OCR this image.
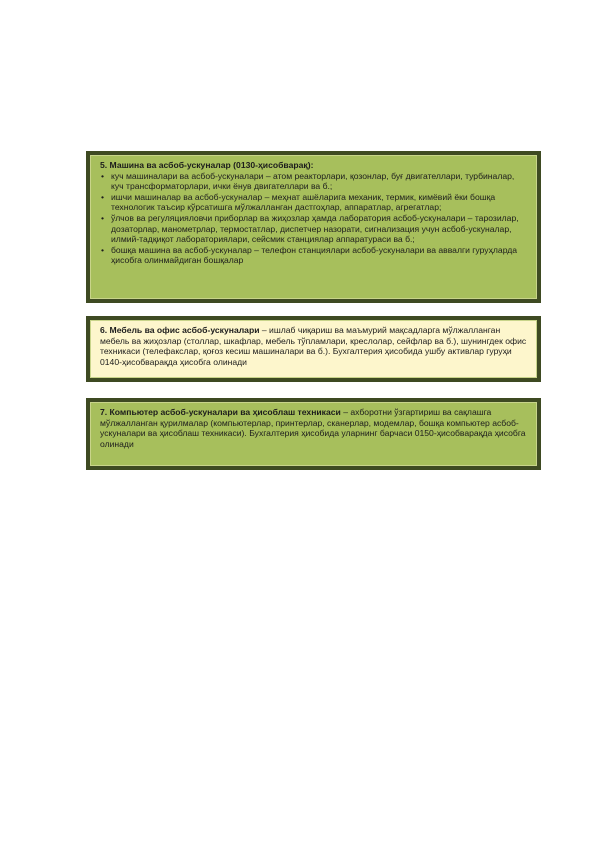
5. Машина ва асбоб-ускуналар (0130-ҳисобварақ):
• куч машиналари ва асбоб-ускуналари – атом реакторлари, қозонлар, буғ двигателлари, турбиналар, куч трансформаторлари, ички ёнув двигателлари ва б.;
• ишчи машиналар ва асбоб-ускуналар – меҳнат ашёларига механик, термик, кимёвий ёки бошқа технологик таъсир кўрсатишга мўлжалланган дастгоҳлар, аппаратлар, агрегатлар;
• ўлчов ва регуляцияловчи приборлар ва жиҳозлар ҳамда лаборатория асбоб-ускуналари – тарозилар, дозаторлар, манометрлар, термостатлар, диспетчер назорати, сигнализация учун асбоб-ускуналар, илмий-тадқиқот лабораториялари, сейсмик станциялар аппаратураси ва б.;
• бошқа машина ва асбоб-ускуналар – телефон станциялари асбоб-ускуналари ва аввалги гуруҳларда ҳисобга олинмайдиган бошқалар
6. Мебель ва офис асбоб-ускуналари – ишлаб чиқариш ва маъмурий мақсадларга мўлжалланган мебель ва жиҳозлар (столлар, шкафлар, мебель тўпламлари, креслолар, сейфлар ва б.), шунингдек офис техникаси (телефакслар, қоғоз кесиш машиналари ва б.). Бухгалтерия ҳисобида ушбу активлар гуруҳи 0140-ҳисобварақда ҳисобга олинади
7. Компьютер асбоб-ускуналари ва ҳисоблаш техникаси – ахборотни ўзгартириш ва сақлашга мўлжалланган қурилмалар (компьютерлар, принтерлар, сканерлар, модемлар, бошқа компьютер асбоб-ускуналари ва ҳисоблаш техникаси). Бухгалтерия ҳисобида уларнинг барчаси 0150-ҳисобварақда ҳисобга олинади
